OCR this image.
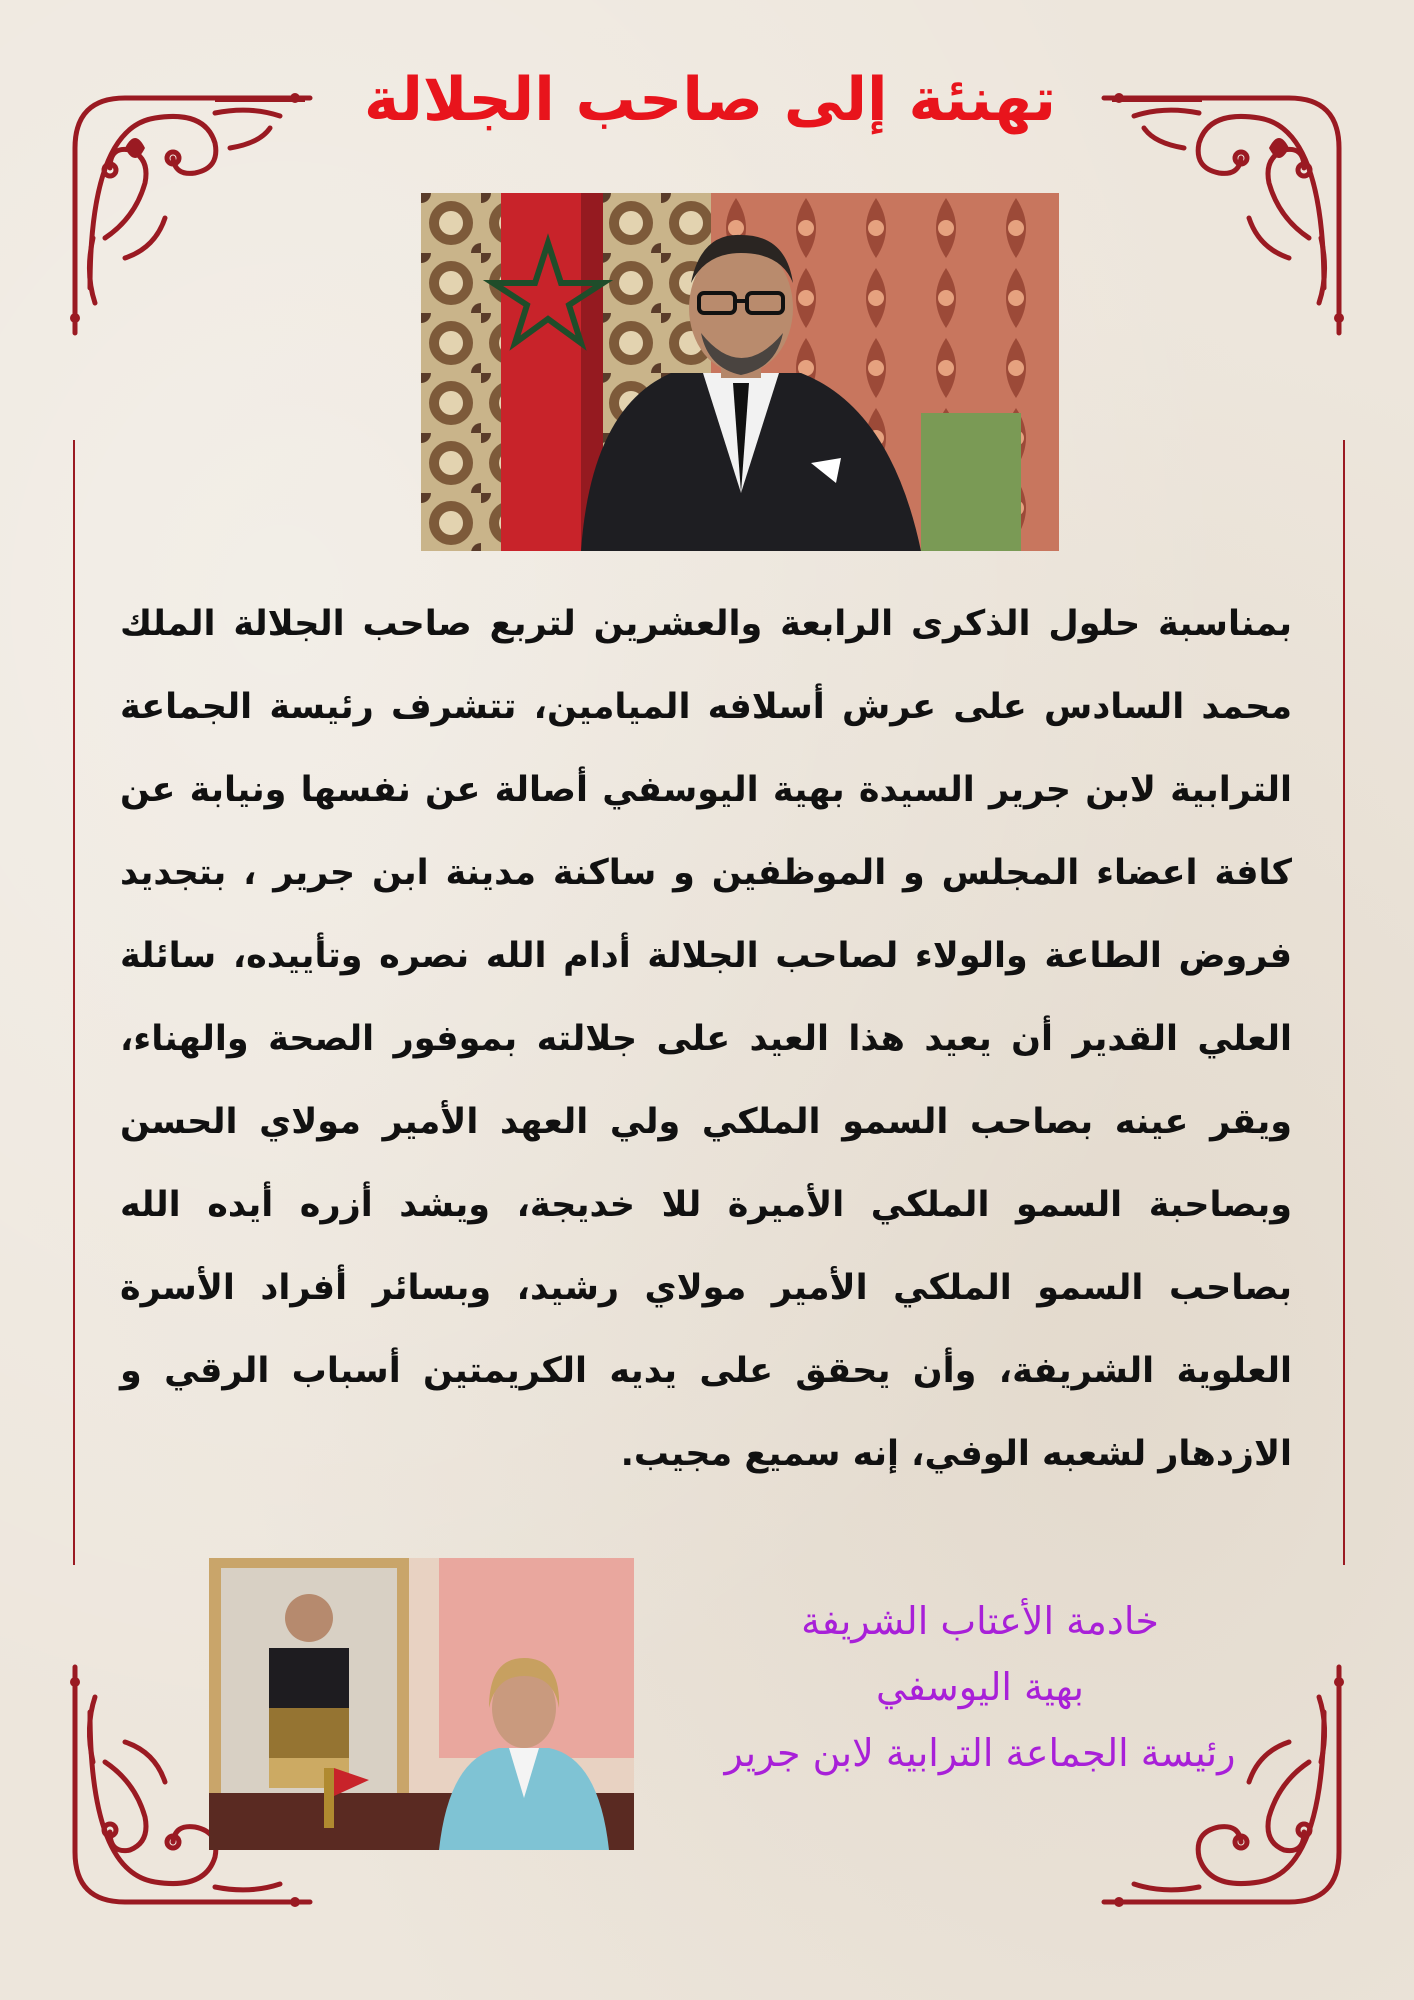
تهنئة إلى صاحب الجلالة

بمناسبة حلول الذكرى الرابعة والعشرين لتربع صاحب الجلالة الملك محمد السادس على عرش أسلافه الميامين، تتشرف رئيسة الجماعة الترابية لابن جرير السيدة بهية اليوسفي أصالة عن نفسها ونيابة عن كافة اعضاء المجلس و الموظفين و ساكنة مدينة ابن جرير ، بتجديد فروض الطاعة والولاء لصاحب الجلالة أدام الله نصره وتأييده، سائلة العلي القدير أن يعيد هذا العيد على جلالته بموفور الصحة والهناء، ويقر عينه بصاحب السمو الملكي ولي العهد الأمير مولاي الحسن وبصاحبة السمو الملكي الأميرة للا خديجة، ويشد أزره أيده الله بصاحب السمو الملكي الأمير مولاي رشيد، وبسائر أفراد الأسرة العلوية الشريفة، وأن يحقق على يديه الكريمتين أسباب الرقي و الازدهار لشعبه الوفي، إنه سميع مجيب.

خادمة الأعتاب الشريفة
بهية اليوسفي
رئيسة الجماعة الترابية لابن جرير
